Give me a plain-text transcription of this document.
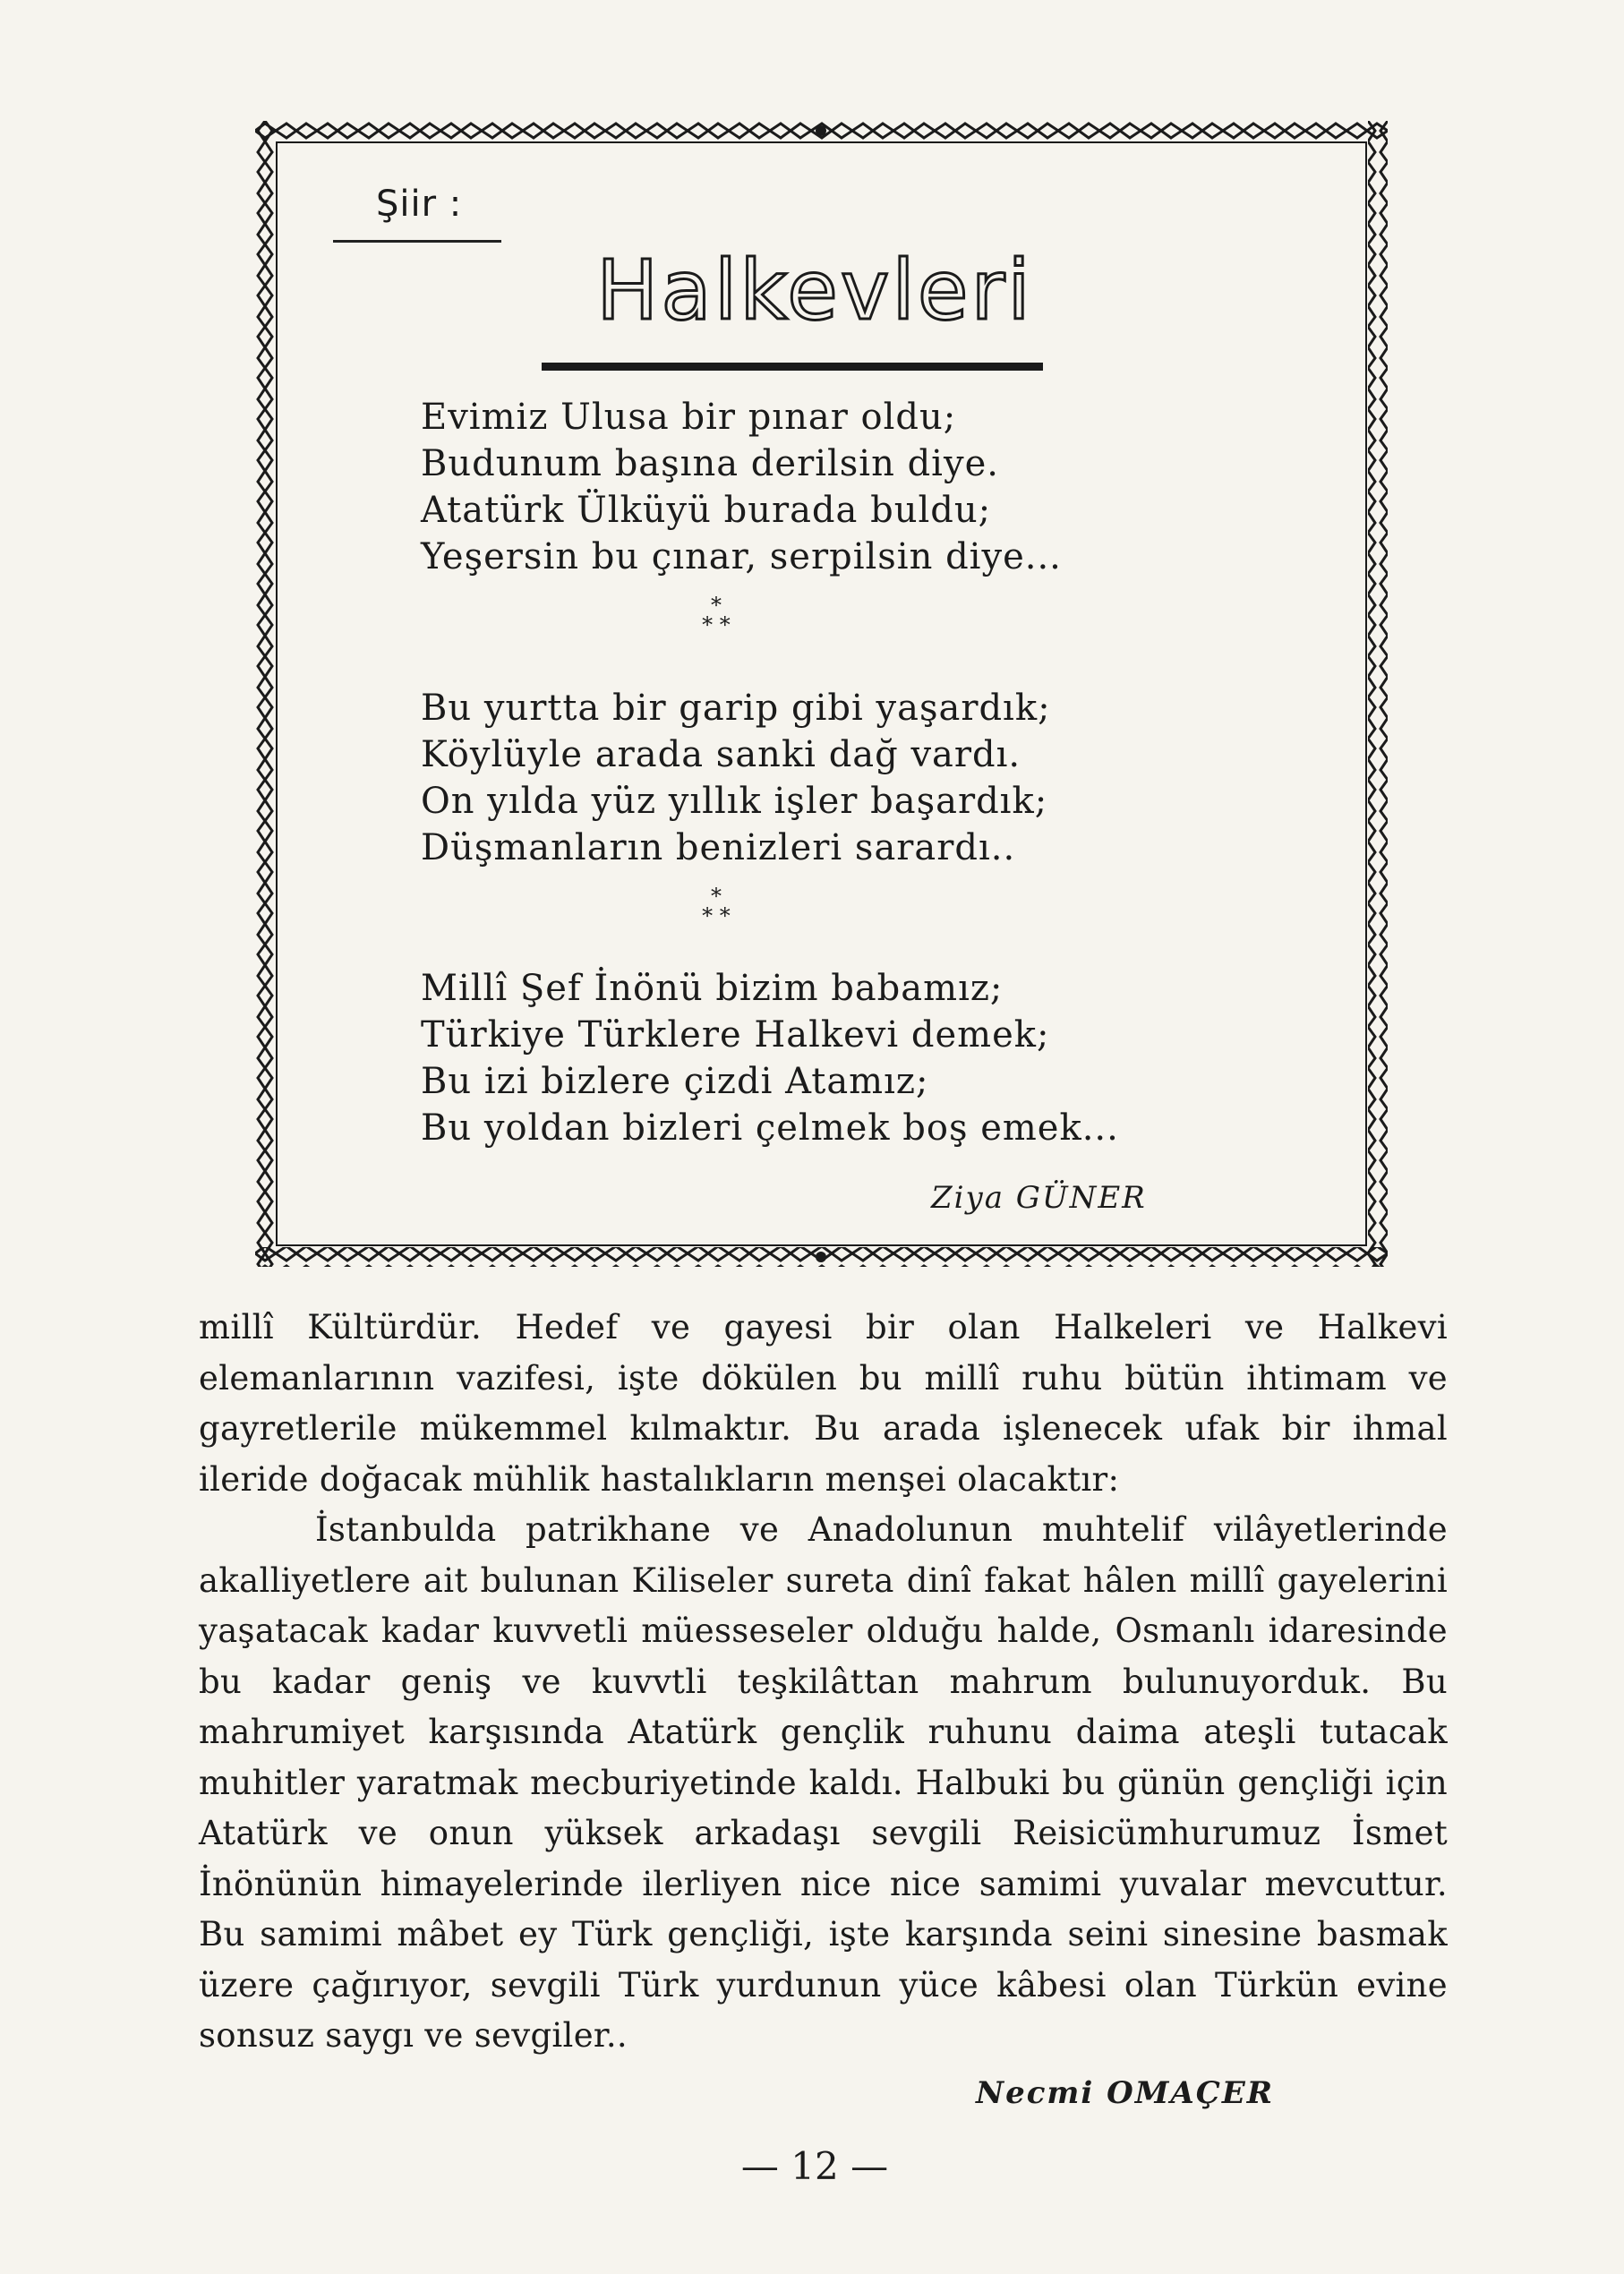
Şiir :
Halkevleri
Evimiz Ulusa bir pınar oldu;
Budunum başına derilsin diye.
Atatürk Ülküyü burada buldu;
Yeşersin bu çınar, serpilsin diye...
*
* *
Bu yurtta bir garip gibi yaşardık;
Köylüyle arada sanki dağ vardı.
On yılda yüz yıllık işler başardık;
Düşmanların benizleri sarardı..
*
* *
Millî Şef İnönü bizim babamız;
Türkiye Türklere Halkevi demek;
Bu izi bizlere çizdi Atamız;
Bu yoldan bizleri çelmek boş emek...
Ziya GÜNER

millî Kültürdür. Hedef ve gayesi bir olan Halkeleri ve Halkevi elemanlarının vazifesi, işte dökülen bu millî ruhu bütün ihtimam ve gayretlerile mükemmel kılmaktır. Bu arada işlenecek ufak bir ihmal ileride doğacak mühlik hastalıkların menşei olacaktır:

İstanbulda patrikhane ve Anadolunun muhtelif vilâyetlerinde akalliyetlere ait bulunan Kiliseler sureta dinî fakat hâlen millî gayelerini yaşatacak kadar kuvvetli müesseseler olduğu halde, Osmanlı idaresinde bu kadar geniş ve kuvvtli teşkilâttan mahrum bulunuyorduk. Bu mahrumiyet karşısında Atatürk gençlik ruhunu daima ateşli tutacak muhitler yaratmak mecburiyetinde kaldı. Halbuki bu günün gençliği için Atatürk ve onun yüksek arkadaşı sevgili Reisicümhurumuz İsmet İnönünün himayelerinde ilerliyen nice nice samimi yuvalar mevcuttur. Bu samimi mâbet ey Türk gençliği, işte karşında seini sinesine basmak üzere çağırıyor, sevgili Türk yurdunun yüce kâbesi olan Türkün evine sonsuz saygı ve sevgiler..

Necmi OMAÇER
— 12 —
